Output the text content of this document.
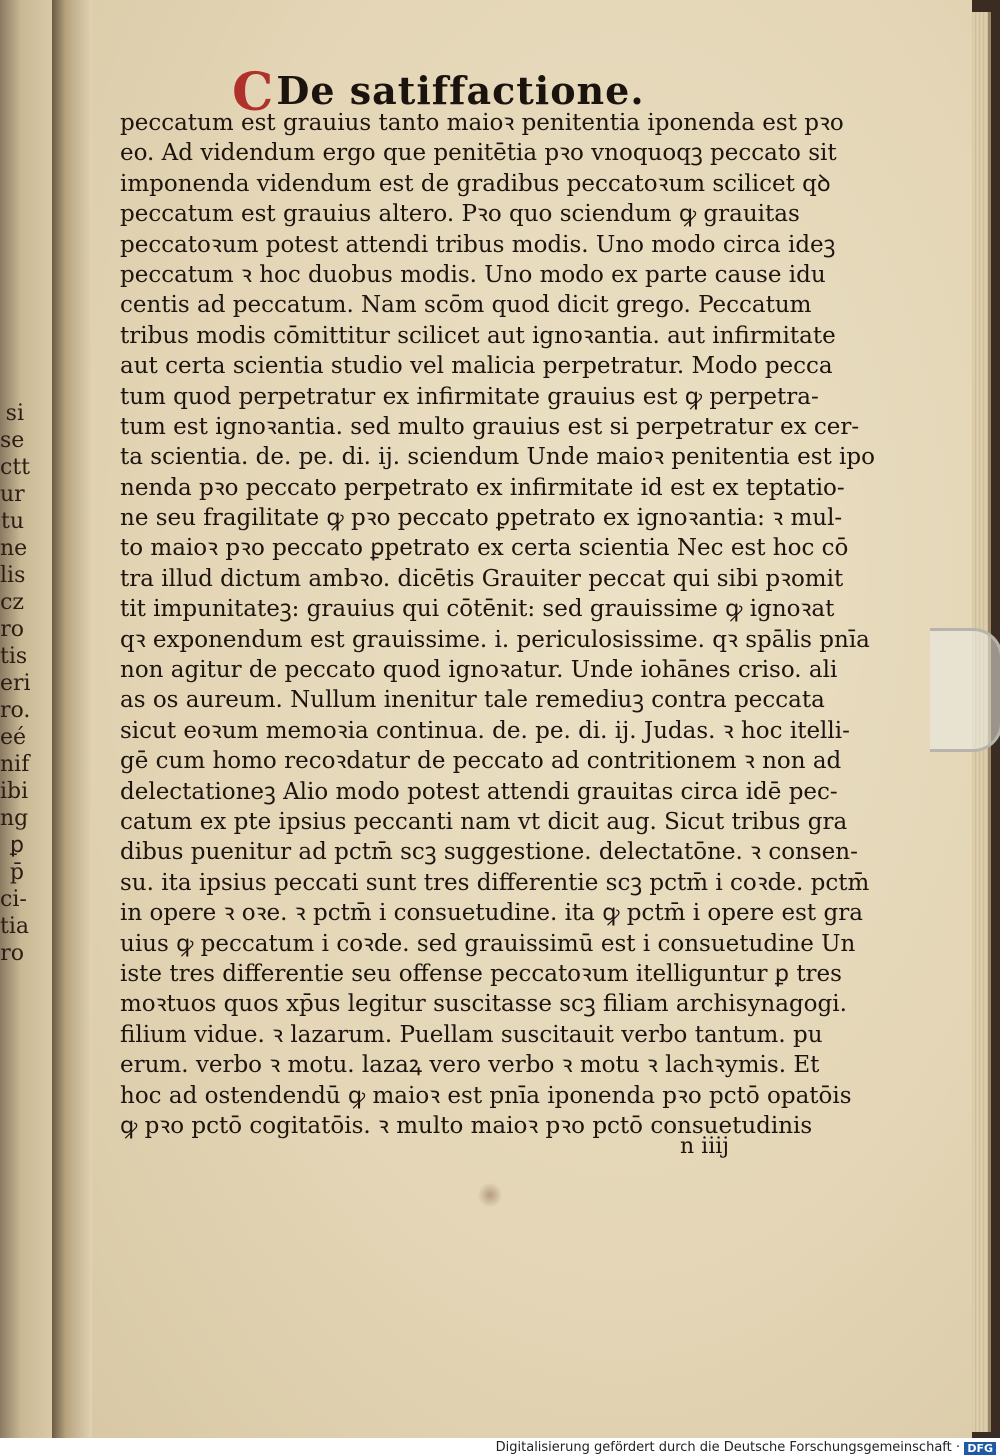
si
se
ctt
ur
tu
ne
lis
cz
ro
tis
eri
ro.
eé
nif
ibi
ng
ꝑ
p̄
ci-
tia
ro
CDe satiffactione.
peccatum est grauius tanto maioꝛ penitentia iponenda est pꝛo
eo. Ad videndum ergo que penitētia pꝛo vnoquoqꝫ peccato sit
imponenda videndum est de gradibus peccatoꝛum scilicet qꝺ
peccatum est grauius altero. Pꝛo quo sciendum ꝙ grauitas
peccatoꝛum potest attendi tribus modis. Uno modo circa ideꝫ
peccatum ꝛ hoc duobus modis. Uno modo ex parte cause idu
centis ad peccatum. Nam scōm quod dicit grego. Peccatum
tribus modis cōmittitur scilicet aut ignoꝛantia. aut infirmitate
aut certa scientia studio vel malicia perpetratur. Modo pecca
tum quod perpetratur ex infirmitate grauius est ꝙ perpetra-
tum est ignoꝛantia. sed multo grauius est si perpetratur ex cer-
ta scientia. de. pe. di. ij. sciendum Unde maioꝛ penitentia est ipo
nenda pꝛo peccato perpetrato ex infirmitate id est ex teptatio-
ne seu fragilitate ꝙ pꝛo peccato ꝑpetrato ex ignoꝛantia: ꝛ mul-
to maioꝛ pꝛo peccato ꝑpetrato ex certa scientia Nec est hoc cō
tra illud dictum ambꝛo. dicētis Grauiter peccat qui sibi pꝛomit
tit impunitateꝫ: grauius qui cōtēnit: sed grauissime ꝙ ignoꝛat
qꝛ exponendum est grauissime. i. periculosissime. qꝛ spālis pnīa
non agitur de peccato quod ignoꝛatur. Unde iohānes criso. ali
as os aureum. Nullum inenitur tale remediuꝫ contra peccata
sicut eoꝛum memoꝛia continua. de. pe. di. ij. Judas. ꝛ hoc itelli-
gē cum homo recoꝛdatur de peccato ad contritionem ꝛ non ad
delectationeꝫ Alio modo potest attendi grauitas circa idē pec-
catum ex pte ipsius peccanti nam vt dicit aug. Sicut tribus gra
dibus puenitur ad pctm̄ scꝫ suggestione. delectatōne. ꝛ consen-
su. ita ipsius peccati sunt tres differentie scꝫ pctm̄ i coꝛde. pctm̄
in opere ꝛ oꝛe. ꝛ pctm̄ i consuetudine. ita ꝙ pctm̄ i opere est gra
uius ꝙ peccatum i coꝛde. sed grauissimū est i consuetudine Un
iste tres differentie seu offense peccatoꝛum itelliguntur ꝑ tres
moꝛtuos quos xp̄us legitur suscitasse scꝫ filiam archisynagogi.
filium vidue. ꝛ lazarum. Puellam suscitauit verbo tantum. pu
erum. verbo ꝛ motu. lazaꝝ vero verbo ꝛ motu ꝛ lachꝛymis. Et
hoc ad ostendendū ꝙ maioꝛ est pnīa iponenda pꝛo pctō opatōis
ꝙ pꝛo pctō cogitatōis. ꝛ multo maioꝛ pꝛo pctō consuetudinis
n iiij
Digitalisierung gefördert durch die Deutsche Forschungsgemeinschaft · DFG
